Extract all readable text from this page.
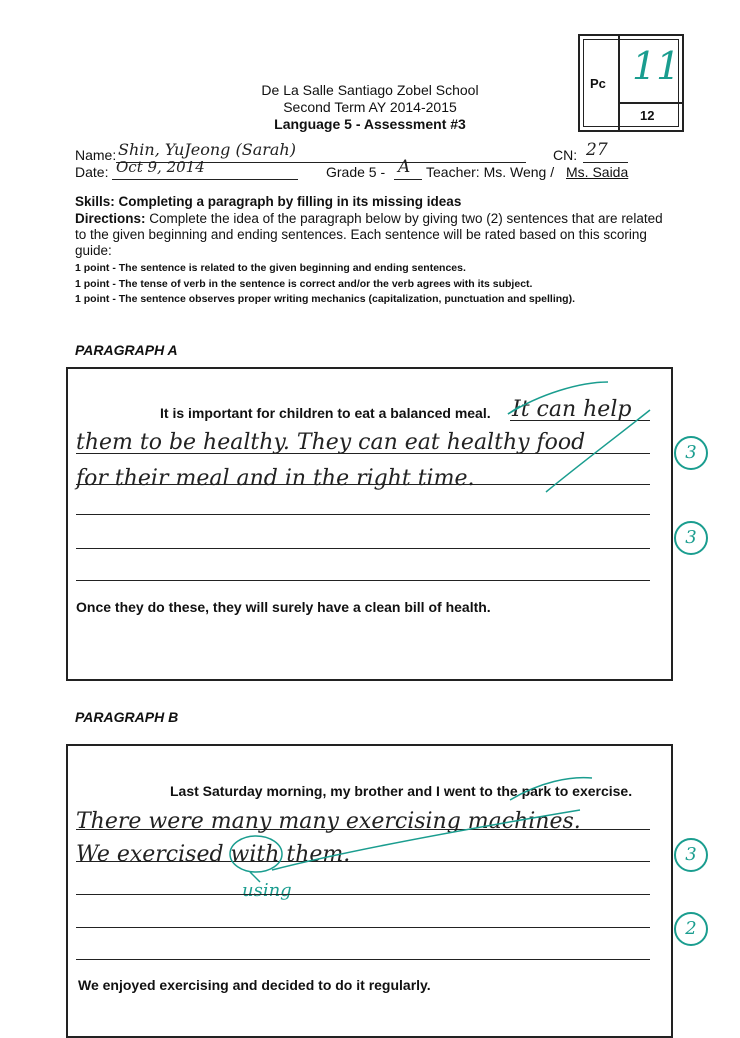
De La Salle Santiago Zobel School
Second Term AY 2014-2015
Language 5 - Assessment #3
Pc 11
12
Name: Shin, YuJeong (Sarah)	CN: 27
Date: Oct 9, 2014	Grade 5 - A Teacher: Ms. Weng / Ms. Saida
Skills: Completing a paragraph by filling in its missing ideas
Directions: Complete the idea of the paragraph below by giving two (2) sentences that are related to the given beginning and ending sentences. Each sentence will be rated based on this scoring guide:
1 point - The sentence is related to the given beginning and ending sentences.
1 point - The tense of verb in the sentence is correct and/or the verb agrees with its subject.
1 point - The sentence observes proper writing mechanics (capitalization, punctuation and spelling).
PARAGRAPH A
It is important for children to eat a balanced meal. It can help
them to be healthy. They can eat healthy food
for their meal and in the right time.
Once they do these, they will surely have a clean bill of health.
3
3
PARAGRAPH B
Last Saturday morning, my brother and I went to the park to exercise.
There were many many exercising machines.
We exercised with them.
using
We enjoyed exercising and decided to do it regularly.
3
2
